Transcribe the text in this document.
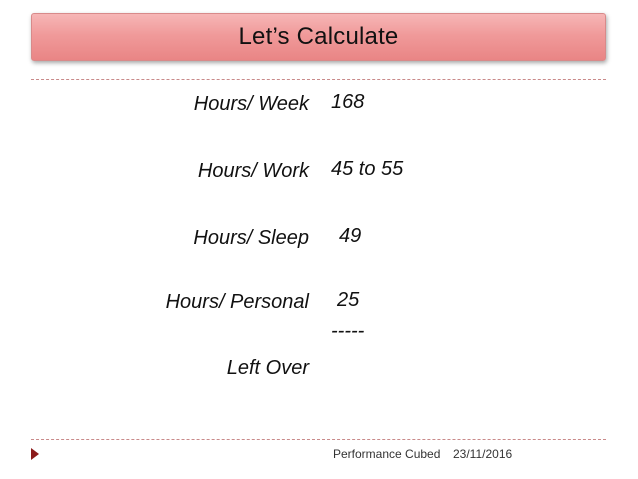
Let’s Calculate
Hours/ Week 168
Hours/ Work 45 to 55
Hours/ Sleep 49
Hours/ Personal 25
-----
Left Over
Performance Cubed 23/11/2016
